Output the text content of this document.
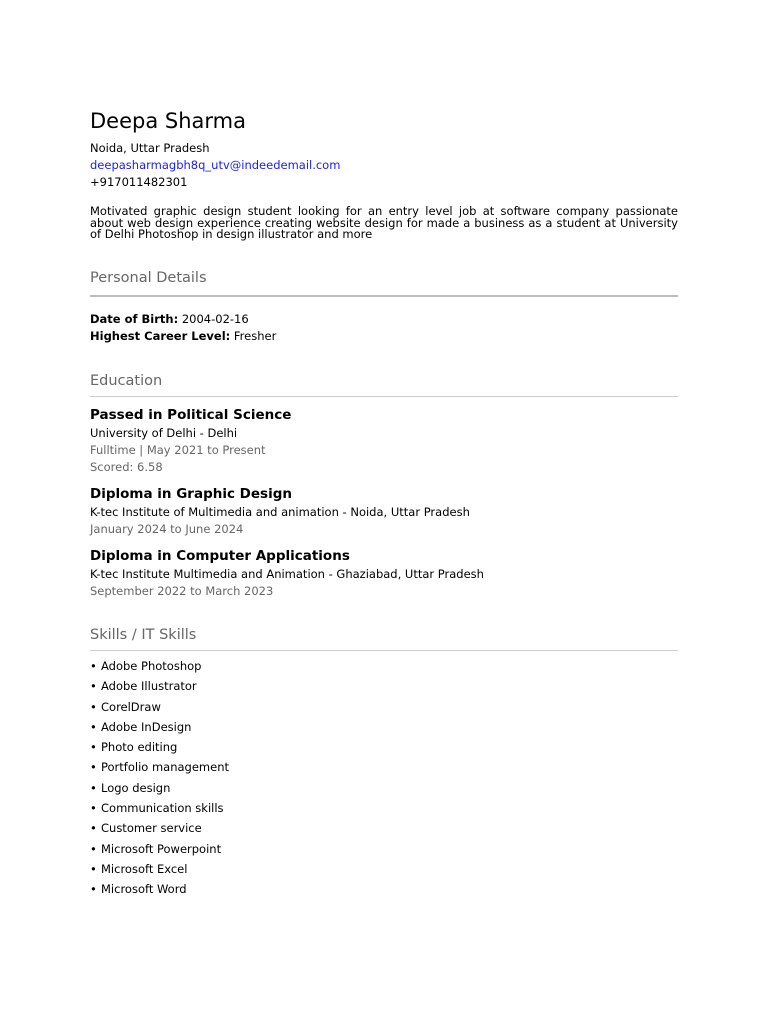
Deepa Sharma
Noida, Uttar Pradesh
deepasharmagbh8q_utv@indeedemail.com
+917011482301
Motivated graphic design student looking for an entry level job at software company passionate about web design experience creating website design for made a business as a student at University of Delhi Photoshop in design illustrator and more
Personal Details
Date of Birth: 2004-02-16
Highest Career Level: Fresher
Education
Passed in Political Science
University of Delhi - Delhi
Fulltime | May 2021 to Present
Scored: 6.58
Diploma in Graphic Design
K-tec Institute of Multimedia and animation - Noida, Uttar Pradesh
January 2024 to June 2024
Diploma in Computer Applications
K-tec Institute Multimedia and Animation - Ghaziabad, Uttar Pradesh
September 2022 to March 2023
Skills / IT Skills
• Adobe Photoshop
• Adobe Illustrator
• CorelDraw
• Adobe InDesign
• Photo editing
• Portfolio management
• Logo design
• Communication skills
• Customer service
• Microsoft Powerpoint
• Microsoft Excel
• Microsoft Word
